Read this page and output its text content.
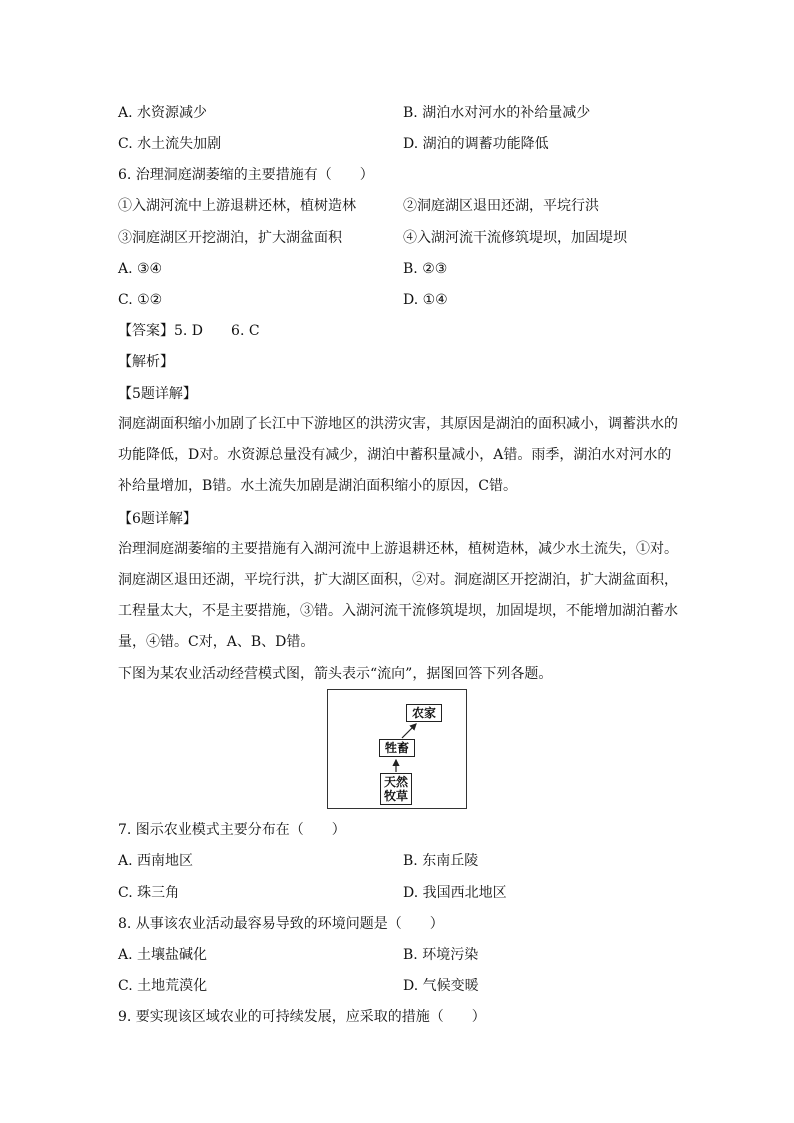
A. 水资源减少	B. 湖泊水对河水的补给量减少
C. 水土流失加剧	D. 湖泊的调蓄功能降低
6. 治理洞庭湖萎缩的主要措施有（　　）
①入湖河流中上游退耕还林，植树造林	②洞庭湖区退田还湖，平垸行洪
③洞庭湖区开挖湖泊，扩大湖盆面积	④入湖河流干流修筑堤坝，加固堤坝
A. ③④	B. ②③
C. ①②	D. ①④
【答案】5. D　　6. C
【解析】
【5题详解】
洞庭湖面积缩小加剧了长江中下游地区的洪涝灾害，其原因是湖泊的面积减小，调蓄洪水的
功能降低，D对。水资源总量没有减少，湖泊中蓄积量减小，A错。雨季，湖泊水对河水的
补给量增加，B错。水土流失加剧是湖泊面积缩小的原因，C错。
【6题详解】
治理洞庭湖萎缩的主要措施有入湖河流中上游退耕还林，植树造林，减少水土流失，①对。
洞庭湖区退田还湖，平垸行洪，扩大湖区面积，②对。洞庭湖区开挖湖泊，扩大湖盆面积，
工程量太大，不是主要措施，③错。入湖河流干流修筑堤坝，加固堤坝，不能增加湖泊蓄水
量，④错。C对，A、B、D错。
下图为某农业活动经营模式图，箭头表示“流向”，据图回答下列各题。
农家
牲畜
天然
牧草
7. 图示农业模式主要分布在（　　）
A. 西南地区	B. 东南丘陵
C. 珠三角	D. 我国西北地区
8. 从事该农业活动最容易导致的环境问题是（　　）
A. 土壤盐碱化	B. 环境污染
C. 土地荒漠化	D. 气候变暖
9. 要实现该区域农业的可持续发展，应采取的措施（　　）
